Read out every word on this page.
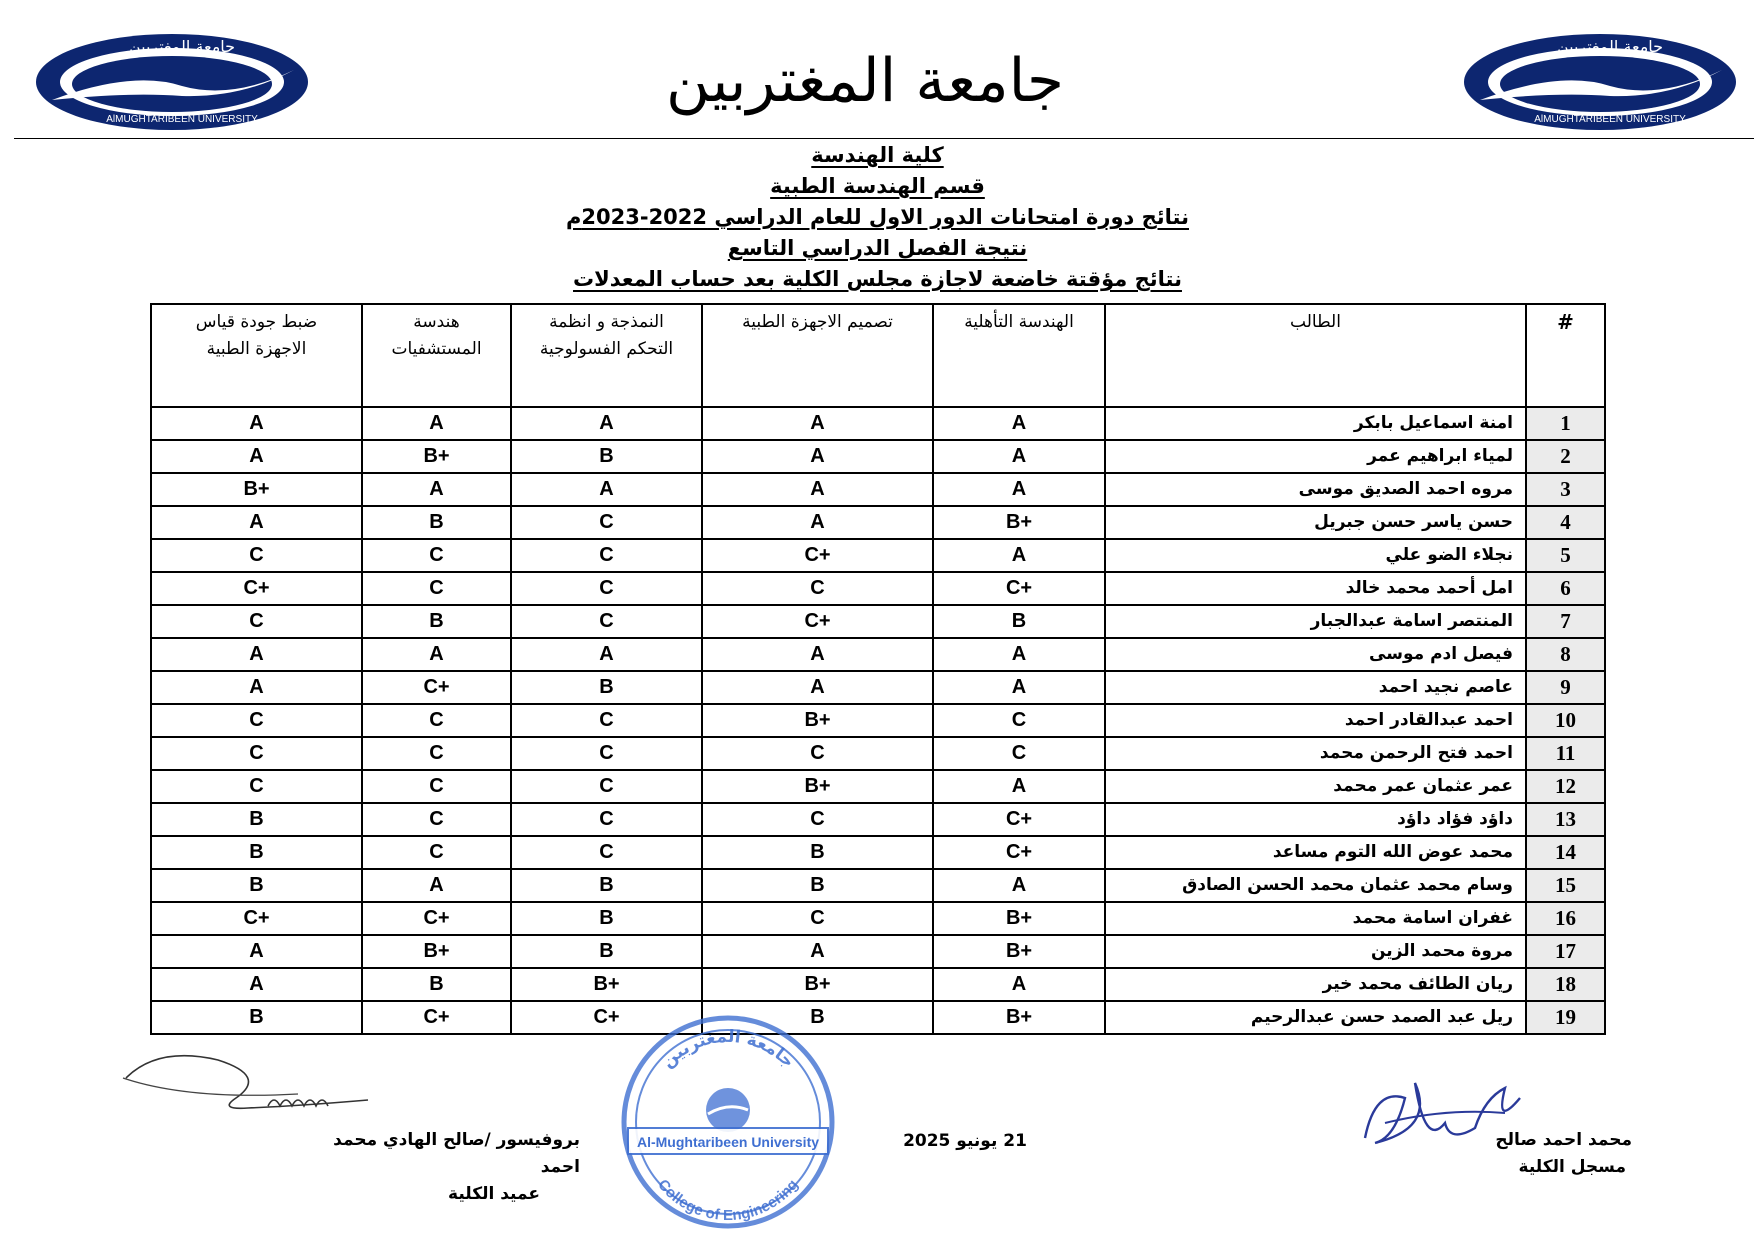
جامعة المغتربين
AlMUGHTARIBEEN UNIVERSITY
جامعة المغتربين
AlMUGHTARIBEEN UNIVERSITY
جامعة المغتربين
كلية الهندسة
قسم الهندسة الطبية
نتائج دورة امتحانات الدور الاول للعام الدراسي 2022-2023م
نتيجة الفصل الدراسي التاسع
نتائج مؤقتة خاضعة لاجازة مجلس الكلية بعد حساب المعدلات
#	الطالب	الهندسة التأهلية	تصميم الاجهزة الطبية	النمذجة و انظمة
التحكم الفسولوجية	هندسة
المستشفيات	ضبط جودة قياس
الاجهزة الطبية
1	امنة اسماعيل بابكر	A	A	A	A	A
2	لمياء ابراهيم عمر	A	A	B	B+	A
3	مروه احمد الصديق موسى	A	A	A	A	B+
4	حسن ياسر حسن جبريل	B+	A	C	B	A
5	نجلاء الضو علي	A	C+	C	C	C
6	امل أحمد محمد خالد	C+	C	C	C	C+
7	المنتصر اسامة عبدالجبار	B	C+	C	B	C
8	فيصل ادم موسى	A	A	A	A	A
9	عاصم نجيد احمد	A	A	B	C+	A
10	احمد عبدالقادر احمد	C	B+	C	C	C
11	احمد فتح الرحمن محمد	C	C	C	C	C
12	عمر عثمان عمر محمد	A	B+	C	C	C
13	داؤد فؤاد داؤد	C+	C	C	C	B
14	محمد عوض الله التوم مساعد	C+	B	C	C	B
15	وسام محمد عثمان محمد الحسن الصادق	A	B	B	A	B
16	غفران اسامة محمد	B+	C	B	C+	C+
17	مروة محمد الزين	B+	A	B	B+	A
18	ريان الطائف محمد خير	A	B+	B+	B	A
19	ريل عبد الصمد حسن عبدالرحيم	B+	B	C+	C+	B
جامعة المغتربين
Al-Mughtaribeen University
College of Engineering
بروفيسور /صالح الهادي محمد احمد
عميد الكلية
21 يونيو 2025	محمد احمد صالح
مسجل الكلية
